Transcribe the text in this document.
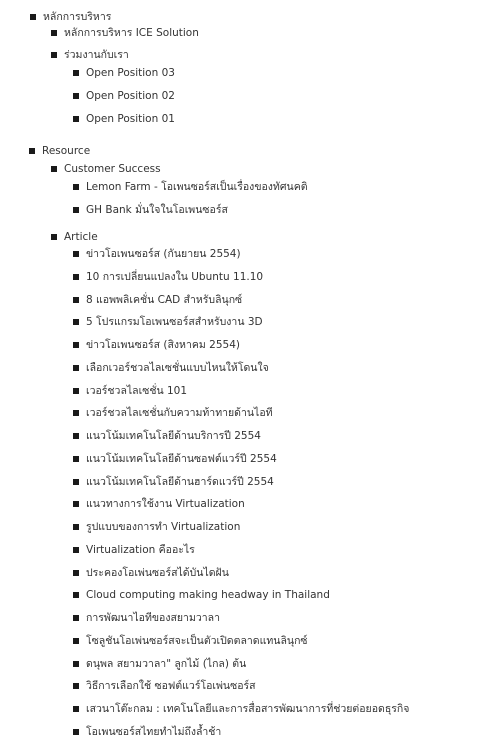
หลักการบริหาร
หลักการบริหาร ICE Solution
ร่วมงานกับเรา
Open Position 03
Open Position 02
Open Position 01
Resource
Customer Success
Lemon Farm - โอเพนซอร์สเป็นเรื่องของทัศนคติ
GH Bank มั่นใจในโอเพนซอร์ส
Article
ข่าวโอเพนซอร์ส (กันยายน 2554)
10 การเปลี่ยนแปลงใน Ubuntu 11.10
8 แอพพลิเคชั่น CAD สำหรับลินุกซ์
5 โปรแกรมโอเพนซอร์สสำหรับงาน 3D
ข่าวโอเพนซอร์ส (สิงหาคม 2554)
เลือกเวอร์ชวลไลเซชั่นแบบไหนให้โดนใจ
เวอร์ชวลไลเซชั่น 101
เวอร์ชวลไลเซชั่นกับความท้าทายด้านไอที
แนวโน้มเทคโนโลยีด้านบริการปี 2554
แนวโน้มเทคโนโลยีด้านซอฟต์แวร์ปี 2554
แนวโน้มเทคโนโลยีด้านฮาร์ดแวร์ปี 2554
แนวทางการใช้งาน Virtualization
รูปแบบของการทำ Virtualization
Virtualization คืออะไร
ประคองโอเพ่นซอร์สได้บันไดฝัน
Cloud computing making headway in Thailand
การพัฒนาไอทีของสยามวาลา
โซลูชันโอเพ่นซอร์สจะเป็นตัวเปิดตลาดแทนลินุกซ์
ดนุพล สยามวาลา" ลูกไม้ (ไกล) ต้น
วิธีการเลือกใช้ ซอฟต์แวร์โอเพ่นซอร์ส
เสวนาโต๊ะกลม : เทคโนโลยีและการสื่อสารพัฒนาการที่ช่วยต่อยอดธุรกิจ
โอเพนซอร์สไทยทำไม่ถึงล้ำช้า
